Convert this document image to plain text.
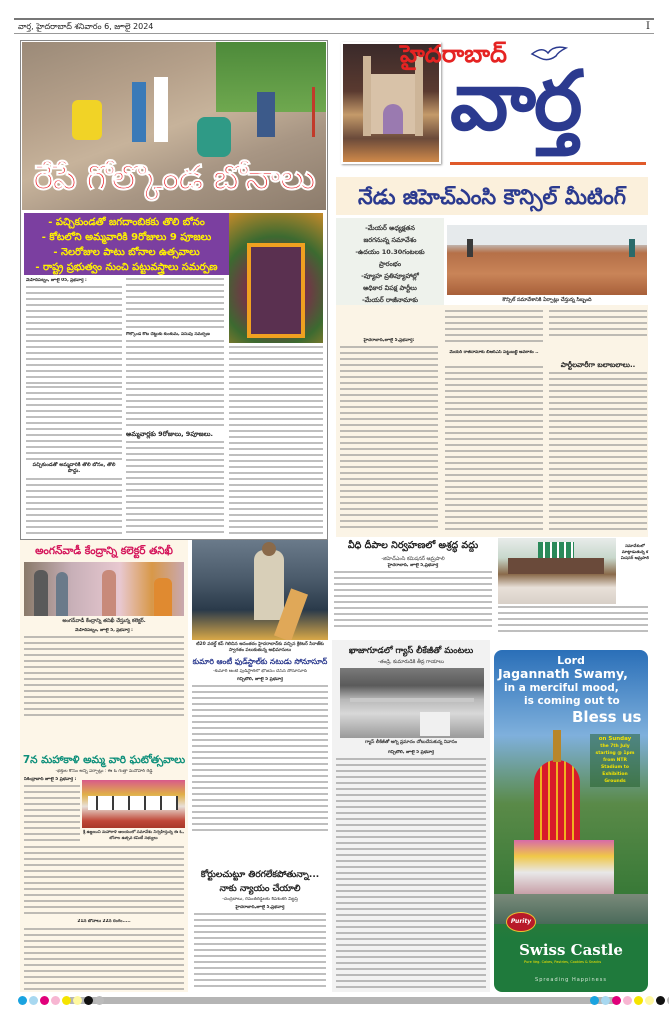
వార్త, హైదరాబాద్ శనివారం 6, జూలై 2024	I
రేపే గోల్కొండ బోనాలు
- పచ్చికుండతో జగదాంబికకు తొలి బోనం
- కోటలోని అమ్మవారికి 9రోజులు 9 పూజలు
- నెలరోజుల పాటు బోనాల ఉత్సవాలు
- రాష్ట్ర ప్రభుత్వం నుంచి పట్టువస్త్రాలు సమర్పణ
మెహిదీపట్నం, జూలై 05, ప్రభవార్త :
పచ్చికుండతో అమ్మవారికి తొలి బోనం, తొలి పొద్దు.
గోల్కొండ కోట చెట్టుకు కుంకుమ, పసుపు సమర్పణ
అమ్మవార్లకు 9రోజులు, 9పూజలు.
హైదరాబాద్
వార్త
నేడు జిహెచ్ఎంసి కౌన్సిల్ మీటింగ్
-మేయర్ అధ్యక్షతన
జరగనున్న సమావేశం
-ఉదయం 10.30గంటలకు
ప్రారంభం
-వ్యూహ ప్రతివ్యూహాల్లో
అధికార విపక్ష పార్టీలు
-మేయర్ రాజీనామాకు	కౌన్సిల్ సమావేశానికి ఏర్పాట్లు చేస్తున్న సిబ్బంది
హైదరాబాద్,జూలై 5,ప్రభవార్త:
మేయర్ రాజీనామాకు బిఆర్ఎస్ పట్టుబట్టే అవకాశం ..
పార్టీలవారీగా బలాబలాలు..
అంగన్‌వాడీ కేంద్రాన్ని కలెక్టర్ తనిఖీ
అంగన్‌వాడీ కేంద్రాన్ని తనిఖీ చేస్తున్న కలెక్టర్.
మెహిదీపట్నం, జూలై 5, ప్రభవార్త :
టి20 వరల్డ్ కప్ గెలిచిన అనంతరం హైదరాబాద్‌కు వచ్చిన క్రికెటర్ సిరాజ్‌కు స్వాగతం పలుకుతున్న అభిమానులు
కుమారి ఆంటీ ఫుడ్‌స్టాల్‌కు నటుడు సోనూసూద్
-కుమారి ఆంటీ ఫుడ్‌స్టాల్‌లో భోజనం చేసిన సోనూసూద్
గచ్చిబౌలి, జూలై 5 ప్రభవార్త
7న మహాకాళి అమ్మ వారి ఘటోత్సవాలు
-భక్తుల కోసం అన్ని ఏర్పాట్లు : ఈ ఓ గుత్తా మనోహర్ రెడ్డి
సికింద్రాబాద్ జూలై 5 ప్రభవార్త :
శ్రీ ఉజ్జయిని మహాకాళి ఆలయంలో సమావేశం నిర్వహిస్తున్న ఈ ఓ, బోనాల ఉత్సవ కమిటీ సభ్యులు
21న బోనాలు 22న రంగం.....
కోర్టులచుట్టూ తిరగలేకపోతున్నా...
నాకు న్యాయం చేయాలి
-చంద్రబాబు, రేవంత్‌రెడ్డిలకు శివశంకర్ విజ్ఞప్తి
హైదరాబాద్,జూలై 5,ప్రభవార్త
వీధి దీపాల నిర్వహణలో అశ్రద్ధ వద్దు
-జిహెచ్ఎంసి కమిషనర్ ఆమ్రపాలి
హైదరాబాద్, జూలై 5,ప్రభవార్త
సమావేశంలో మాట్లాడుతున్న కమిషనర్ ఆమ్రపాలి
ఖాజాగూడలో గ్యాస్ లీకేజీతో మంటలు
-తండ్రి, కుమారుడికి తీవ్ర గాయాలు
గ్యాస్ లీకేజీతో అగ్ని ప్రమాదం చోటుచేసుకున్న నివాసం
గచ్చిబౌలి, జూలై 5 ప్రభవార్త
Lord
Jagannath Swamy,
in a merciful mood,
is coming out to
Bless us
on Sunday
the 7th July
starting @ 1pm
from NTR
Stadium to
Exhibition
Grounds
Purity
Swiss Castle
Pure Veg. Cakes, Pastries, Cookies & Snacks
Spreading Happiness
